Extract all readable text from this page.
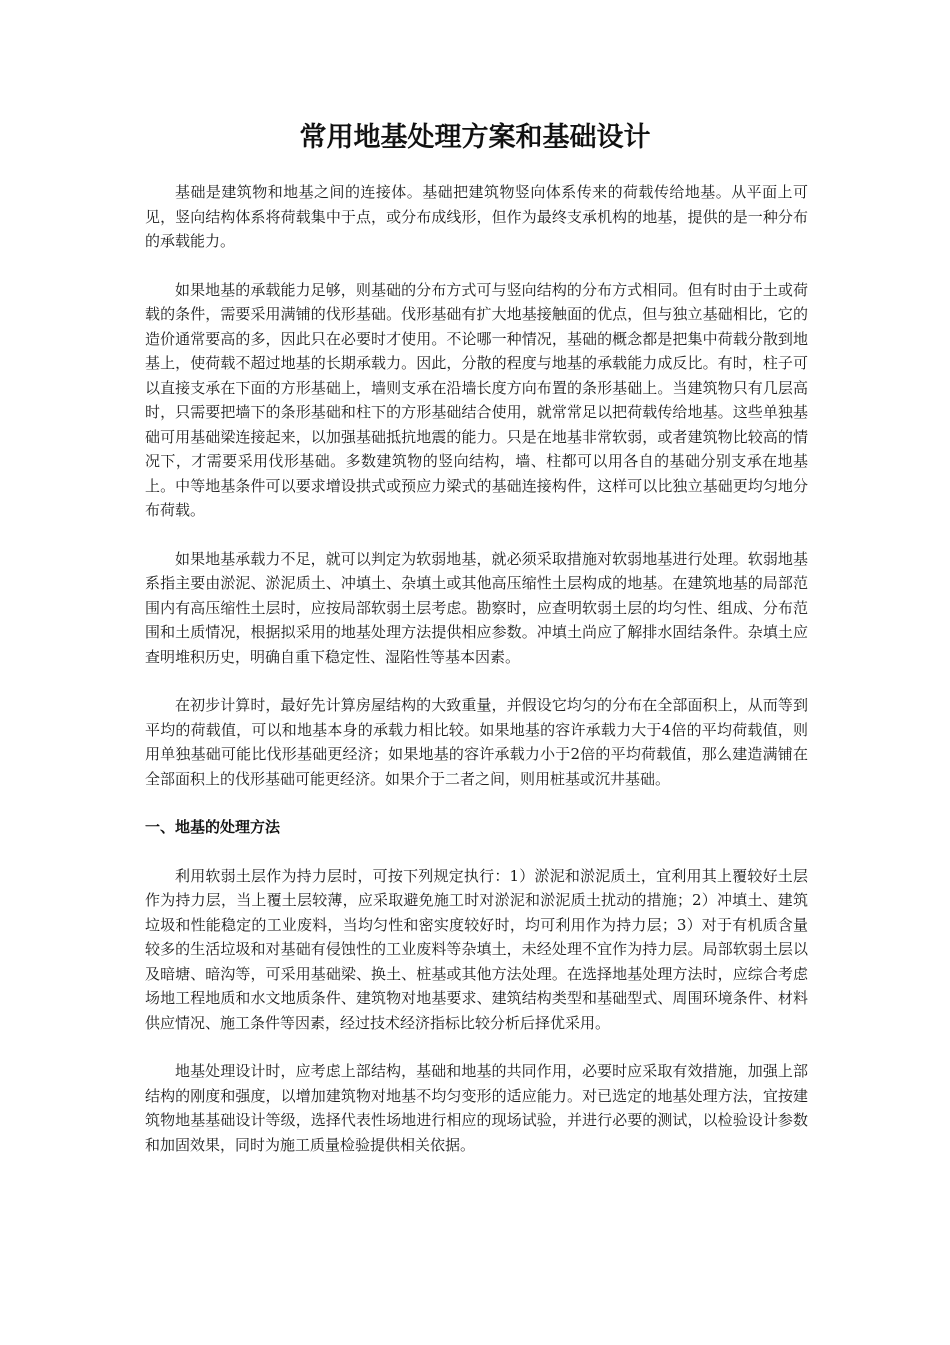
常用地基处理方案和基础设计

基础是建筑物和地基之间的连接体。基础把建筑物竖向体系传来的荷载传给地基。从平面上可见，竖向结构体系将荷载集中于点，或分布成线形，但作为最终支承机构的地基，提供的是一种分布的承载能力。

如果地基的承载能力足够，则基础的分布方式可与竖向结构的分布方式相同。但有时由于土或荷载的条件，需要采用满铺的伐形基础。伐形基础有扩大地基接触面的优点，但与独立基础相比，它的造价通常要高的多，因此只在必要时才使用。不论哪一种情况，基础的概念都是把集中荷载分散到地基上，使荷载不超过地基的长期承载力。因此，分散的程度与地基的承载能力成反比。有时，柱子可以直接支承在下面的方形基础上，墙则支承在沿墙长度方向布置的条形基础上。当建筑物只有几层高时，只需要把墙下的条形基础和柱下的方形基础结合使用，就常常足以把荷载传给地基。这些单独基础可用基础梁连接起来，以加强基础抵抗地震的能力。只是在地基非常软弱，或者建筑物比较高的情况下，才需要采用伐形基础。多数建筑物的竖向结构，墙、柱都可以用各自的基础分别支承在地基上。中等地基条件可以要求增设拱式或预应力梁式的基础连接构件，这样可以比独立基础更均匀地分布荷载。

如果地基承载力不足，就可以判定为软弱地基，就必须采取措施对软弱地基进行处理。软弱地基系指主要由淤泥、淤泥质土、冲填土、杂填土或其他高压缩性土层构成的地基。在建筑地基的局部范围内有高压缩性土层时，应按局部软弱土层考虑。勘察时，应查明软弱土层的均匀性、组成、分布范围和土质情况，根据拟采用的地基处理方法提供相应参数。冲填土尚应了解排水固结条件。杂填土应查明堆积历史，明确自重下稳定性、湿陷性等基本因素。

在初步计算时，最好先计算房屋结构的大致重量，并假设它均匀的分布在全部面积上，从而等到平均的荷载值，可以和地基本身的承载力相比较。如果地基的容许承载力大于4倍的平均荷载值，则用单独基础可能比伐形基础更经济；如果地基的容许承载力小于2倍的平均荷载值，那么建造满铺在全部面积上的伐形基础可能更经济。如果介于二者之间，则用桩基或沉井基础。

一、地基的处理方法

利用软弱土层作为持力层时，可按下列规定执行：1）淤泥和淤泥质土，宜利用其上覆较好土层作为持力层，当上覆土层较薄，应采取避免施工时对淤泥和淤泥质土扰动的措施；2）冲填土、建筑垃圾和性能稳定的工业废料，当均匀性和密实度较好时，均可利用作为持力层；3）对于有机质含量较多的生活垃圾和对基础有侵蚀性的工业废料等杂填土，未经处理不宜作为持力层。局部软弱土层以及暗塘、暗沟等，可采用基础梁、换土、桩基或其他方法处理。在选择地基处理方法时，应综合考虑场地工程地质和水文地质条件、建筑物对地基要求、建筑结构类型和基础型式、周围环境条件、材料供应情况、施工条件等因素，经过技术经济指标比较分析后择优采用。

地基处理设计时，应考虑上部结构，基础和地基的共同作用，必要时应采取有效措施，加强上部结构的刚度和强度，以增加建筑物对地基不均匀变形的适应能力。对已选定的地基处理方法，宜按建筑物地基基础设计等级，选择代表性场地进行相应的现场试验，并进行必要的测试，以检验设计参数和加固效果，同时为施工质量检验提供相关依据。
